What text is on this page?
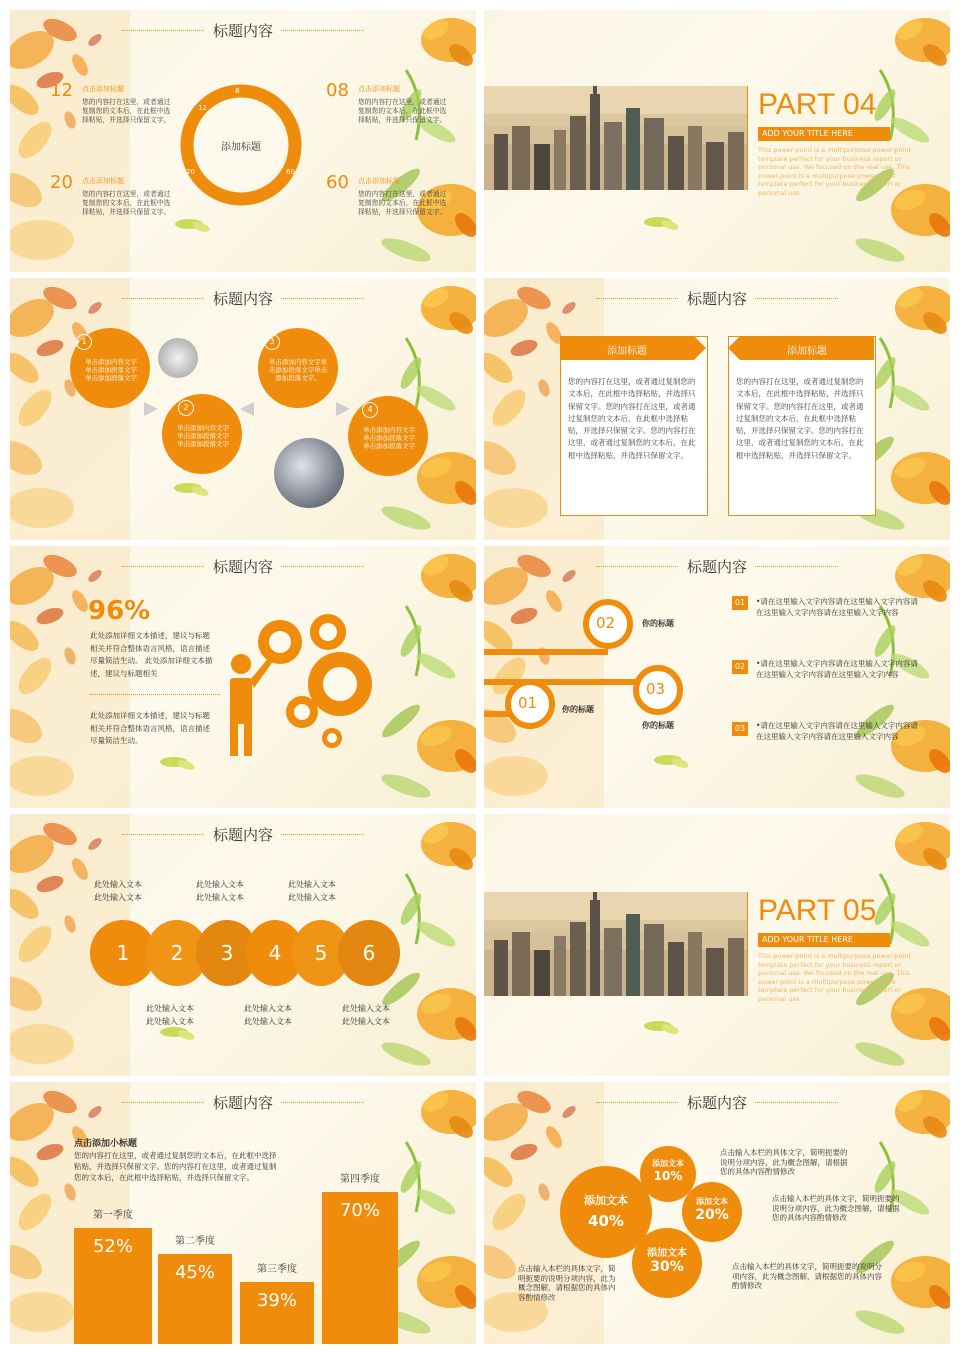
标题内容
8
12
20	60
添加标题
12 点击添加标题
您的内容打在这里，或者通过复制您的文本后，在此框中选择粘贴，并选择只保留文字。
20 点击添加标题
您的内容打在这里，或者通过复制您的文本后，在此框中选择粘贴，并选择只保留文字。
08 点击添加标题
您的内容打在这里，或者通过复制您的文本后，在此框中选择粘贴，并选择只保留文字。
60 点击添加标题
您的内容打在这里，或者通过复制您的文本后，在此框中选择粘贴，并选择只保留文字。
PART 04
ADD YOUR TITLE HERE
This power-point is a multipurpose power-point template perfect for your business report or personal use. We focused on the real use. This power-point is a multipurpose power-point template perfect for your business report or personal use.
标题内容
1
单击添加内容文字单击添加段落文字单击添加段落文字
2
单击添加内容文字单击添加段落文字单击添加段落文字
3
单击添加内容文字单击添加段落文字单击添加段落文字。
4
单击添加内容文字单击添加段落文字单击添加段落文字
标题内容
添加标题
您的内容打在这里，或者通过复制您的文本后，在此框中选择粘贴，并选择只保留文字。您的内容打在这里，或者通过复制您的文本后，在此框中选择粘贴，并选择只保留文字。您的内容打在这里，或者通过复制您的文本后，在此框中选择粘贴，并选择只保留文字。
添加标题
您的内容打在这里，或者通过复制您的文本后，在此框中选择粘贴，并选择只保留文字。您的内容打在这里，或者通过复制您的文本后，在此框中选择粘贴，并选择只保留文字。您的内容打在这里，或者通过复制您的文本后，在此框中选择粘贴，并选择只保留文字。
标题内容
96%
此处添加详细文本描述，建议与标题相关并符合整体语言风格，语言描述尽量简洁生动。 此处添加详细文本描述，建议与标题相关
此处添加详细文本描述，建议与标题相关并符合整体语言风格，语言描述尽量简洁生动。
标题内容
02	你的标题
01	你的标题
03
你的标题
01	•请在这里输入文字内容请在这里输入文字内容请在这里输入文字内容请在这里输入文字内容
02	•请在这里输入文字内容请在这里输入文字内容请在这里输入文字内容请在这里输入文字内容
03	•请在这里输入文字内容请在这里输入文字内容请在这里输入文字内容请在这里输入文字内容
标题内容
此处输入文本
此处输入文本
此处输入文本
此处输入文本
此处输入文本
此处输入文本
1	2	3	4	5	6
此处输入文本
此处输入文本
此处输入文本
此处输入文本
此处输入文本
此处输入文本
PART 05
ADD YOUR TITLE HERE
This power-point is a multipurpose power-point template perfect for your business report or personal use. We focused on the real use. This power-point is a multipurpose power-point template perfect for your business report or personal use.
标题内容
点击添加小标题
您的内容打在这里，或者通过复制您的文本后，在此框中选择粘贴，并选择只保留文字。您的内容打在这里，或者通过复制您的文本后，在此框中选择粘贴，并选择只保留文字。
第一季度
52%	第二季度
45%	第三季度
39%
第四季度
70%
标题内容
添加文本
40%
添加文本
10%
添加文本
20%
添加文本
30%
点击输入本栏的具体文字，简明扼要的说明分项内容，此为概念图解，请根据您的具体内容酌情修改
点击输入本栏的具体文字，简明扼要的说明分项内容，此为概念图解，请根据您的具体内容酌情修改
点击输入本栏的具体文字，简明扼要的说明分项内容，此为概念图解，请根据您的具体内容酌情修改
点击输入本栏的具体文字，简明扼要的说明分项内容，此为概念图解，请根据您的具体内容酌情修改
